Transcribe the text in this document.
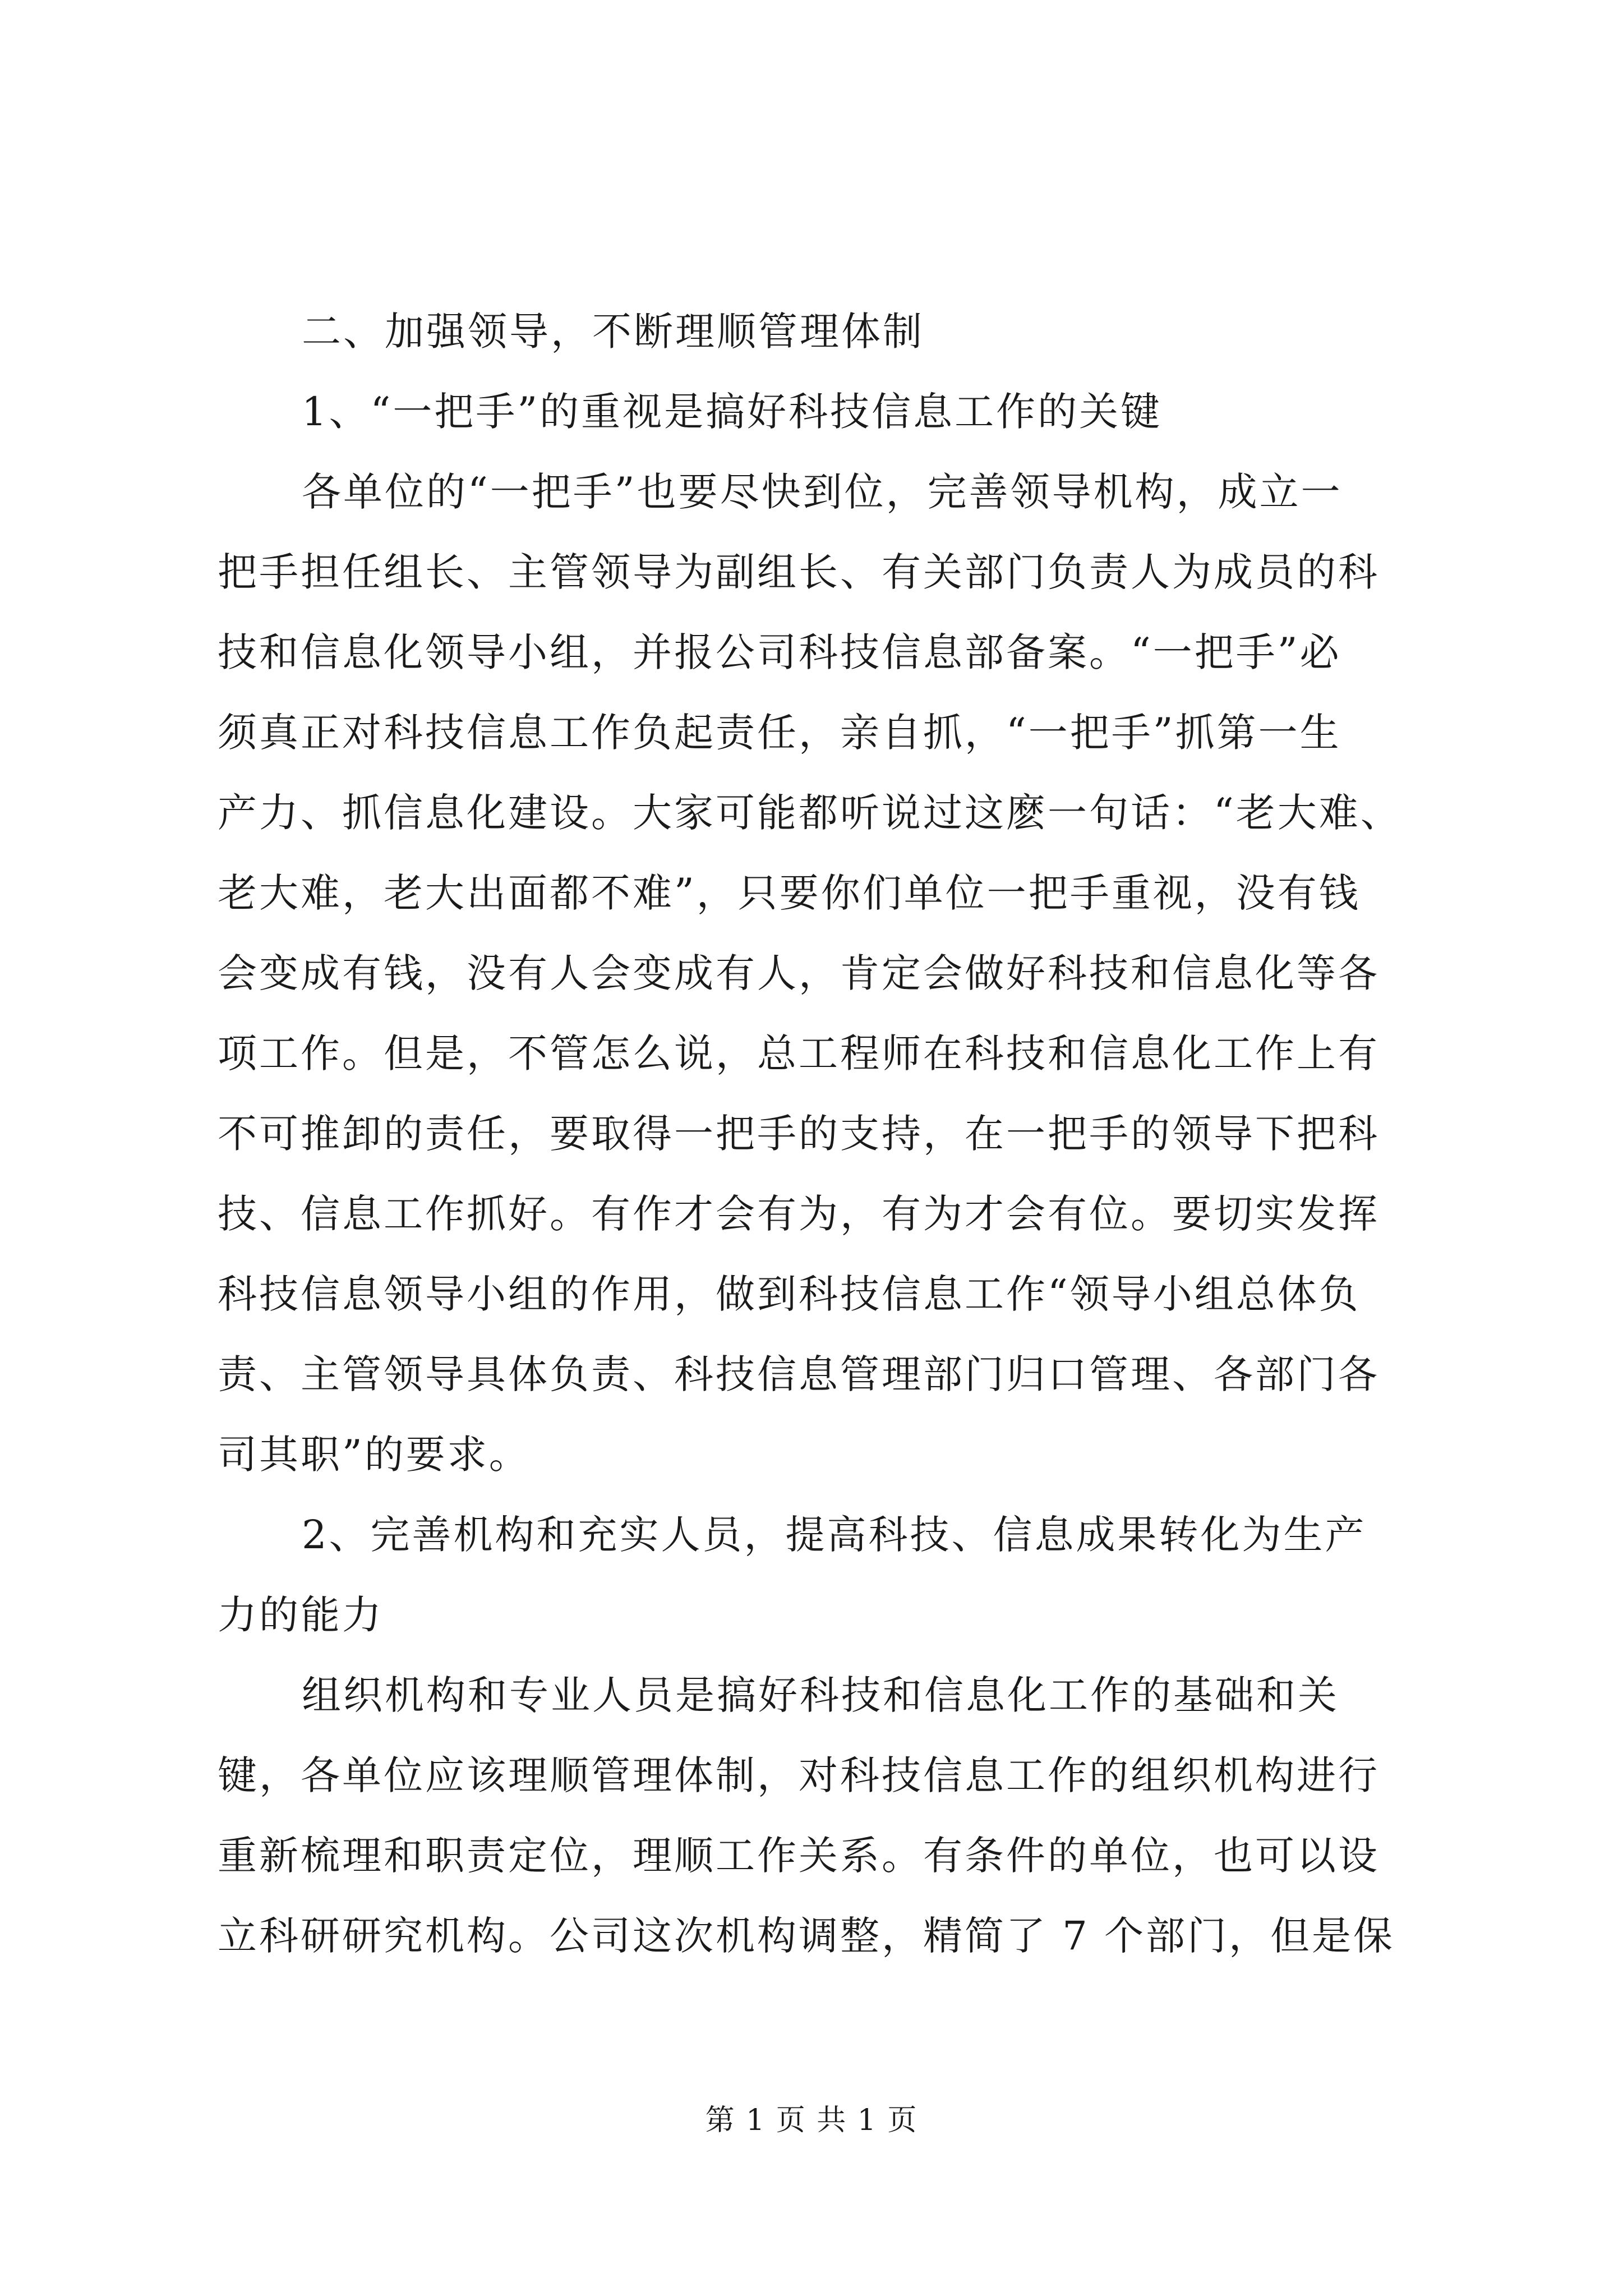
二、加强领导，不断理顺管理体制
1、“一把手”的重视是搞好科技信息工作的关键
各单位的“一把手”也要尽快到位，完善领导机构，成立一
把手担任组长、主管领导为副组长、有关部门负责人为成员的科
技和信息化领导小组，并报公司科技信息部备案。“一把手”必
须真正对科技信息工作负起责任，亲自抓，“一把手”抓第一生
产力、抓信息化建设。大家可能都听说过这麽一句话：“老大难、
老大难，老大出面都不难”，只要你们单位一把手重视，没有钱
会变成有钱，没有人会变成有人，肯定会做好科技和信息化等各
项工作。但是，不管怎么说，总工程师在科技和信息化工作上有
不可推卸的责任，要取得一把手的支持，在一把手的领导下把科
技、信息工作抓好。有作才会有为，有为才会有位。要切实发挥
科技信息领导小组的作用，做到科技信息工作“领导小组总体负
责、主管领导具体负责、科技信息管理部门归口管理、各部门各
司其职”的要求。
2、完善机构和充实人员，提高科技、信息成果转化为生产
力的能力
组织机构和专业人员是搞好科技和信息化工作的基础和关
键，各单位应该理顺管理体制，对科技信息工作的组织机构进行
重新梳理和职责定位，理顺工作关系。有条件的单位，也可以设
立科研研究机构。公司这次机构调整，精简了 7 个部门，但是保
第 1 页 共 1 页
